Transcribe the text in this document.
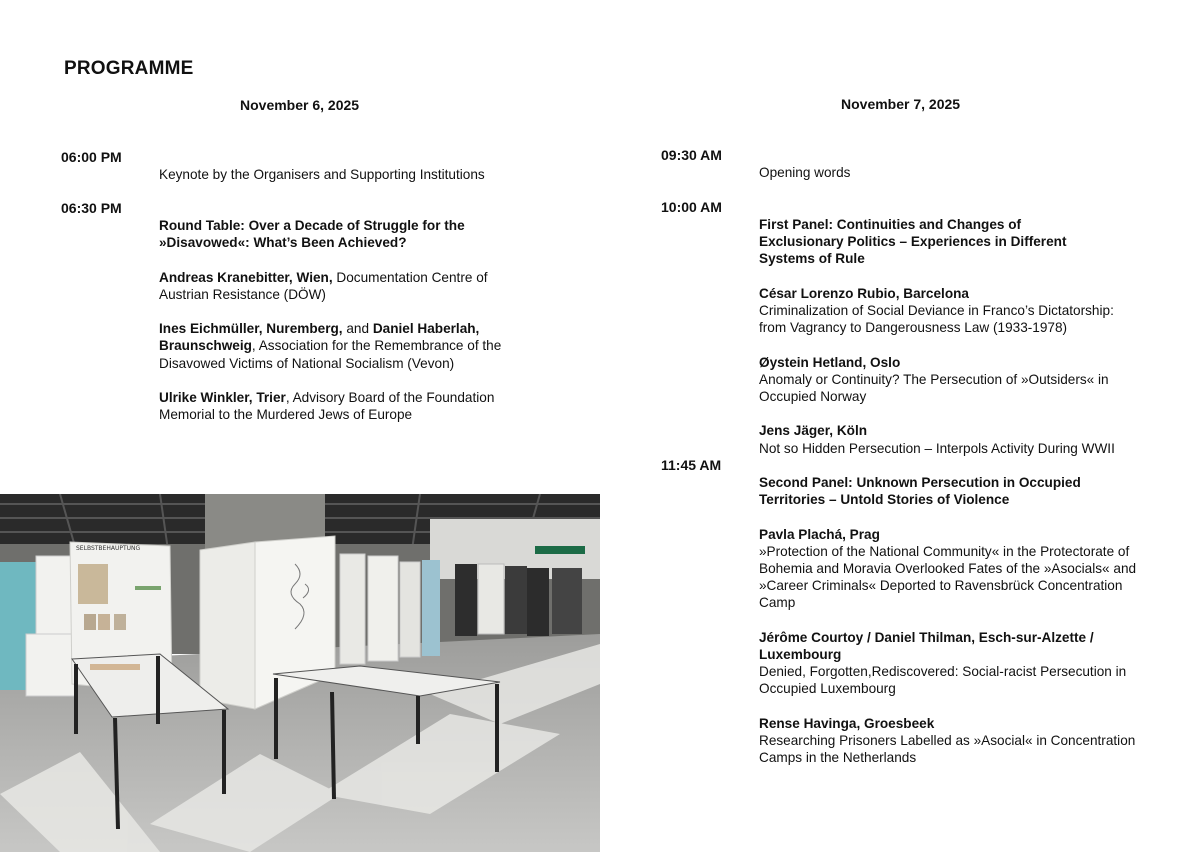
PROGRAMME
November 6, 2025
06:00 PM
Keynote by the Organisers and Supporting Institutions
06:30 PM
Round Table: Over a Decade of Struggle for the »Disavowed«: What’s Been Achieved?
Andreas Kranebitter, Wien, Documentation Centre of Austrian Resistance (DÖW)
Ines Eichmüller, Nuremberg, and Daniel Haberlah, Braunschweig, Association for the Remembrance of the Disavowed Victims of National Socialism (Vevon)
Ulrike Winkler, Trier, Advisory Board of the Foundation Memorial to the Murdered Jews of Europe
November 7, 2025
09:30 AM
Opening words
10:00 AM
First Panel: Continuities and Changes of Exclusionary Politics – Experiences in Different Systems of Rule
César Lorenzo Rubio, Barcelona
Criminalization of Social Deviance in Franco’s Dictatorship: from Vagrancy to Dangerousness Law (1933-1978)
Øystein Hetland, Oslo
Anomaly or Continuity? The Persecution of »Outsiders« in Occupied Norway
Jens Jäger, Köln
Not so Hidden Persecution – Interpols Activity During WWII
11:45 AM
Second Panel: Unknown Persecution in Occupied Territories – Untold Stories of Violence
Pavla Plachá, Prag
»Protection of the National Community« in the Protectorate of Bohemia and Moravia Overlooked Fates of the »Asocials« and »Career Criminals« Deported to Ravensbrück Concentration Camp
Jérôme Courtoy / Daniel Thilman, Esch-sur-Alzette / Luxembourg
Denied, Forgotten,Rediscovered: Social-racist Persecution in Occupied Luxembourg
Rense Havinga, Groesbeek
Researching Prisoners Labelled as »Asocial« in Concentration Camps in the Netherlands
SELBSTBEHAUPTUNG
